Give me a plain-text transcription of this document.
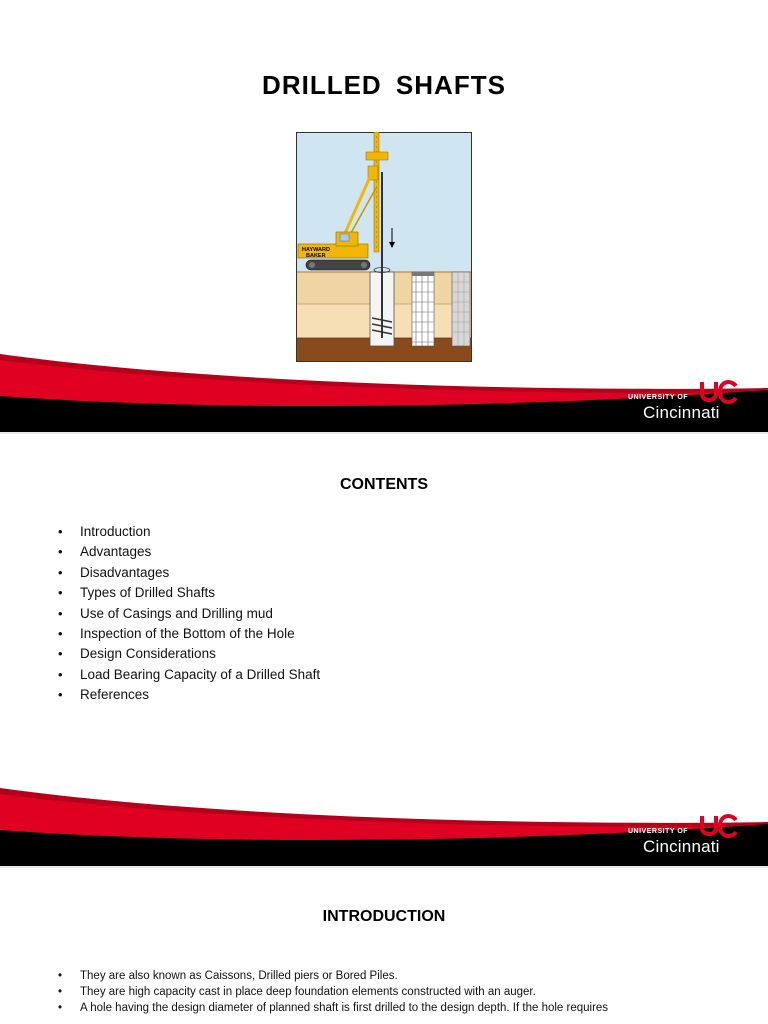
DRILLED SHAFTS
HAYWARD
BAKER
UNIVERSITY OF
Cincinnati
CONTENTS
• Introduction
• Advantages
• Disadvantages
• Types of Drilled Shafts
• Use of Casings and Drilling mud
• Inspection of the Bottom of the Hole
• Design Considerations
• Load Bearing Capacity of a Drilled Shaft
• References
UNIVERSITY OF
Cincinnati
INTRODUCTION
• They are also known as Caissons, Drilled piers or Bored Piles.
• They are high capacity cast in place deep foundation elements constructed with an auger.
• A hole having the design diameter of planned shaft is first drilled to the design depth. If the hole requires
